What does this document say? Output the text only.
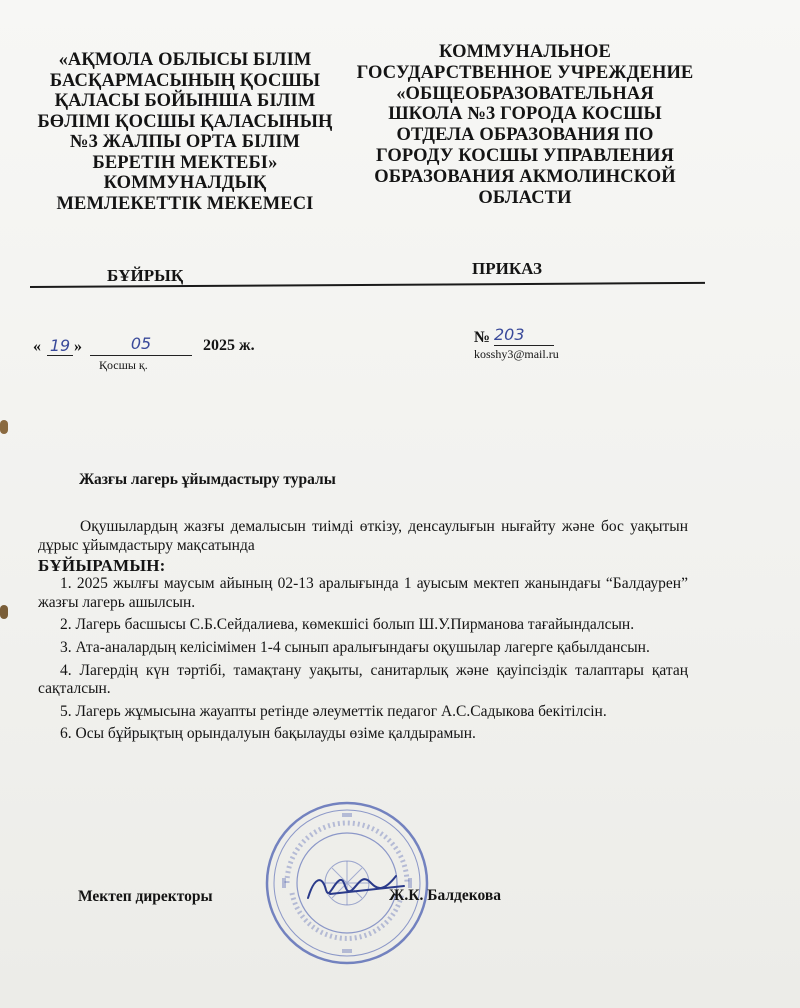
«АҚМОЛА ОБЛЫСЫ БІЛІМ
БАСҚАРМАСЫНЫҢ ҚОСШЫ
ҚАЛАСЫ БОЙЫНША БІЛІМ
БӨЛІМІ ҚОСШЫ ҚАЛАСЫНЫҢ
№3 ЖАЛПЫ ОРТА БІЛІМ
БЕРЕТІН МЕКТЕБІ»
КОММУНАЛДЫҚ
МЕМЛЕКЕТТІК МЕКЕМЕСІ
КОММУНАЛЬНОЕ
ГОСУДАРСТВЕННОЕ УЧРЕЖДЕНИЕ
«ОБЩЕОБРАЗОВАТЕЛЬНАЯ
ШКОЛА №3 ГОРОДА КОСШЫ
ОТДЕЛА ОБРАЗОВАНИЯ ПО
ГОРОДУ КОСШЫ УПРАВЛЕНИЯ
ОБРАЗОВАНИЯ АКМОЛИНСКОЙ
ОБЛАСТИ
БҰЙРЫҚ	ПРИКАЗ
« 19 »	05	2025 ж.
Қосшы қ.
№ 203
kosshy3@mail.ru
Жазғы лагерь ұйымдастыру туралы

Оқушылардың жазғы демалысын тиімді өткізу, денсаулығын нығайту және бос уақытын дұрыс ұйымдастыру мақсатында

БҰЙЫРАМЫН:

1. 2025 жылғы маусым айының 02-13 аралығында 1 ауысым мектеп жанындағы “Балдаурен” жазғы лагерь ашылсын.

2. Лагерь басшысы С.Б.Сейдалиева, көмекшісі болып Ш.У.Пирманова тағайындалсын.

3. Ата-аналардың келісімімен 1-4 сынып аралығындағы оқушылар лагерге қабылдансын.

4. Лагердің күн тәртібі, тамақтану уақыты, санитарлық және қауіпсіздік талаптары қатаң сақталсын.

5. Лагерь жұмысына жауапты ретінде әлеуметтік педагог А.С.Садыкова бекітілсін.

6. Осы бұйрықтың орындалуын бақылауды өзіме қалдырамын.

Мектеп директоры	Ж.К. Балдекова
